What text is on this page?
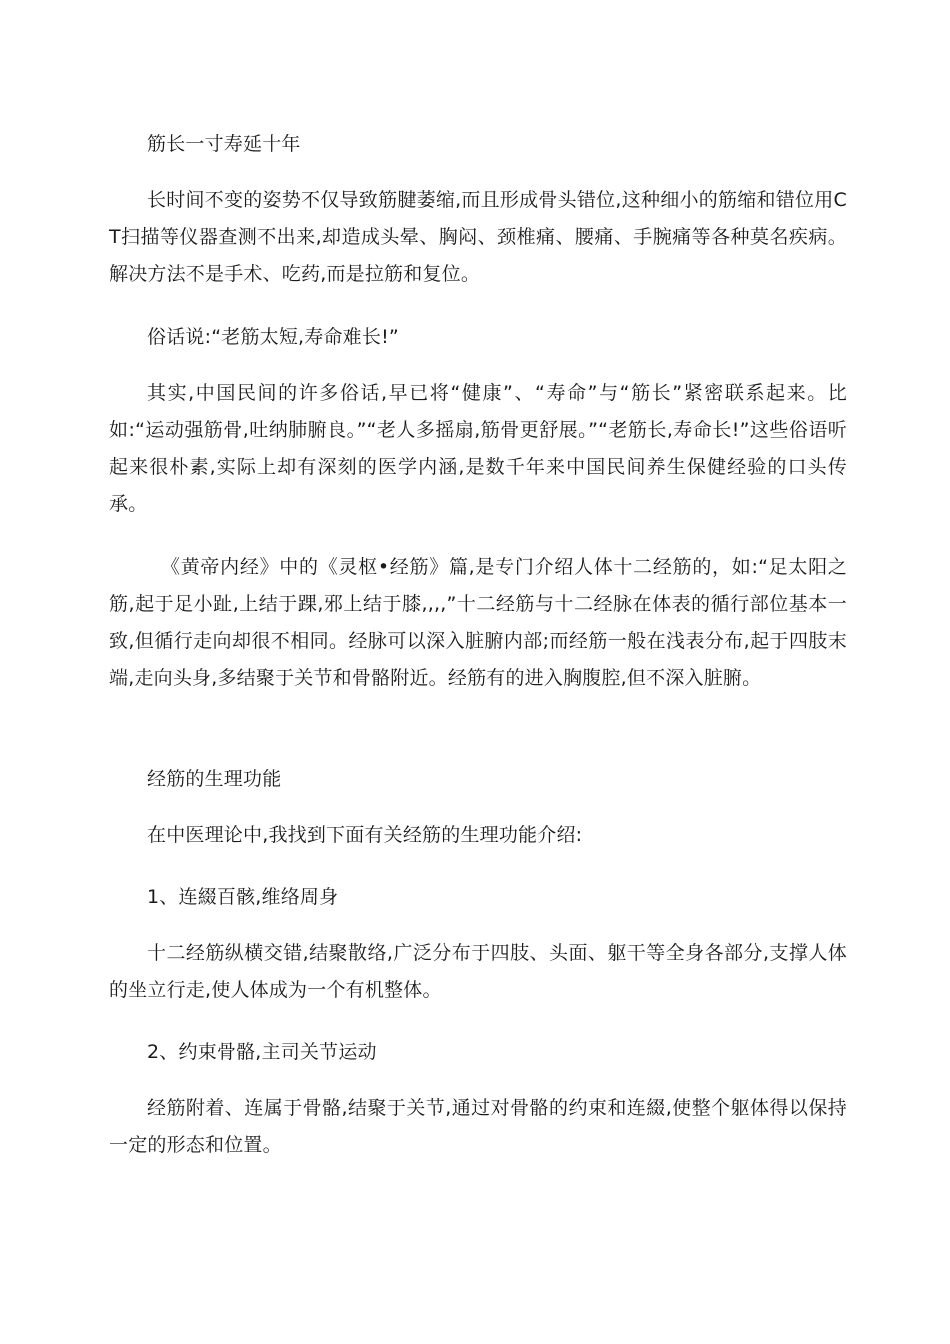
筋长一寸寿延十年

长时间不变的姿势不仅导致筋腱萎缩,而且形成骨头错位,这种细小的筋缩和错位用CT扫描等仪器查测不出来,却造成头晕、胸闷、颈椎痛、腰痛、手腕痛等各种莫名疾病。解决方法不是手术、吃药,而是拉筋和复位。

俗话说:“老筋太短,寿命难长!”

其实,中国民间的许多俗话,早已将“健康”、“寿命”与“筋长”紧密联系起来。比如:“运动强筋骨,吐纳肺腑良。”“老人多摇扇,筋骨更舒展。”“老筋长,寿命长!”这些俗语听起来很朴素,实际上却有深刻的医学内涵,是数千年来中国民间养生保健经验的口头传承。

《黄帝内经》中的《灵枢•经筋》篇,是专门介绍人体十二经筋的，如:“足太阳之筋,起于足小趾,上结于踝,邪上结于膝,,,,”十二经筋与十二经脉在体表的循行部位基本一致,但循行走向却很不相同。经脉可以深入脏腑内部;而经筋一般在浅表分布,起于四肢末端,走向头身,多结聚于关节和骨骼附近。经筋有的进入胸腹腔,但不深入脏腑。

经筋的生理功能

在中医理论中,我找到下面有关经筋的生理功能介绍:

1、连綴百骸,维络周身

十二经筋纵横交错,结聚散络,广泛分布于四肢、头面、躯干等全身各部分,支撑人体的坐立行走,使人体成为一个有机整体。

2、约束骨骼,主司关节运动

经筋附着、连属于骨骼,结聚于关节,通过对骨骼的约束和连綴,使整个躯体得以保持一定的形态和位置。
